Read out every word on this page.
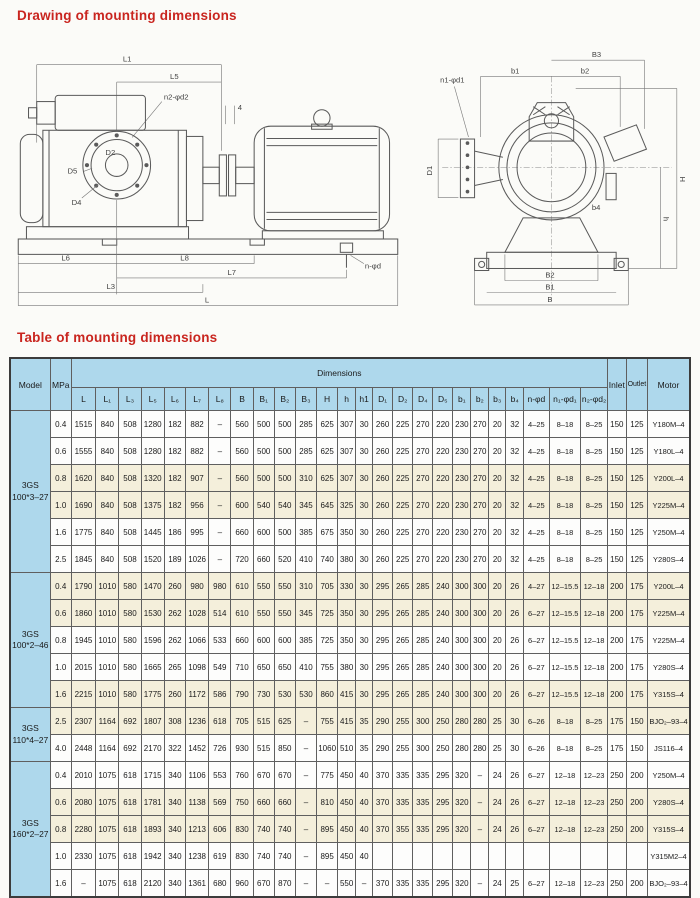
Drawing of mounting dimensions
L1
L5
4
n2-φd2
D5
D4
D2
n-φd
L6	L8
L7
L3
L
B3
b1	b2
n1-φd1
D1
H
h
b4
B2
B1
B
Table of mounting dimensions
Model	MPa	Dimensions																									Inlet	Outlet	Motor
		L	L₁	L₃	L₅	L₆	L₇	L₈	B	B₁	B₂	B₃	H	h	h1	D₁	D₂	D₄	D₅	b₁	b₂	b₃	b₄	n-φd	n₁-φd₁	n₂-φd₂			

3GS
100*3–27	0.4	1515	840	508	1280	182	882	–	560	500	500	285	625	307	30	260	225	270	220	230	270	20	32	4–25	8–18	8–25	150	125	Y180M–4
	0.6	1555	840	508	1280	182	882	–	560	500	500	285	625	307	30	260	225	270	220	230	270	20	32	4–25	8–18	8–25	150	125	Y180L–4
	0.8	1620	840	508	1320	182	907	–	560	500	500	310	625	307	30	260	225	270	220	230	270	20	32	4–25	8–18	8–25	150	125	Y200L–4
	1.0	1690	840	508	1375	182	956	–	600	540	540	345	645	325	30	260	225	270	220	230	270	20	32	4–25	8–18	8–25	150	125	Y225M–4
	1.6	1775	840	508	1445	186	995	–	660	600	500	385	675	350	30	260	225	270	220	230	270	20	32	4–25	8–18	8–25	150	125	Y250M–4
	2.5	1845	840	508	1520	189	1026	–	720	660	520	410	740	380	30	260	225	270	220	230	270	20	32	4–25	8–18	8–25	150	125	Y280S–4

3GS
100*2–46	0.4	1790	1010	580	1470	260	980	980	610	550	550	310	705	330	30	295	265	285	240	300	300	20	26	4–27	12–15.5	12–18	200	175	Y200L–4
	0.6	1860	1010	580	1530	262	1028	514	610	550	550	345	725	350	30	295	265	285	240	300	300	20	26	6–27	12–15.5	12–18	200	175	Y225M–4
	0.8	1945	1010	580	1596	262	1066	533	660	600	600	385	725	350	30	295	265	285	240	300	300	20	26	6–27	12–15.5	12–18	200	175	Y225M–4
	1.0	2015	1010	580	1665	265	1098	549	710	650	650	410	755	380	30	295	265	285	240	300	300	20	26	6–27	12–15.5	12–18	200	175	Y280S–4
	1.6	2215	1010	580	1775	260	1172	586	790	730	530	530	860	415	30	295	265	285	240	300	300	20	26	6–27	12–15.5	12–18	200	175	Y315S–4

3GS
110*4–27	2.5	2307	1164	692	1807	308	1236	618	705	515	625	–	755	415	35	290	255	300	250	280	280	25	30	6–26	8–18	8–25	175	150	BJO₂–93–4
	4.0	2448	1164	692	2170	322	1452	726	930	515	850	–	1060	510	35	290	255	300	250	280	280	25	30	6–26	8–18	8–25	175	150	JS116–4

3GS
160*2–27	0.4	2010	1075	618	1715	340	1106	553	760	670	670	–	775	450	40	370	335	335	295	320	–	24	26	6–27	12–18	12–23	250	200	Y250M–4
	0.6	2080	1075	618	1781	340	1138	569	750	660	660	–	810	450	40	370	335	335	295	320	–	24	26	6–27	12–18	12–23	250	200	Y280S–4
	0.8	2280	1075	618	1893	340	1213	606	830	740	740	–	895	450	40	370	355	335	295	320	–	24	26	6–27	12–18	12–23	250	200	Y315S–4
	1.0	2330	1075	618	1942	340	1238	619	830	740	740	–	895	450	40														Y315M2–4
	1.6	–	1075	618	2120	340	1361	680	960	670	870	–	–	550	–	370	335	335	295	320	–	24	25	6–27	12–18	12–23	250	200	BJO₂–93–4
